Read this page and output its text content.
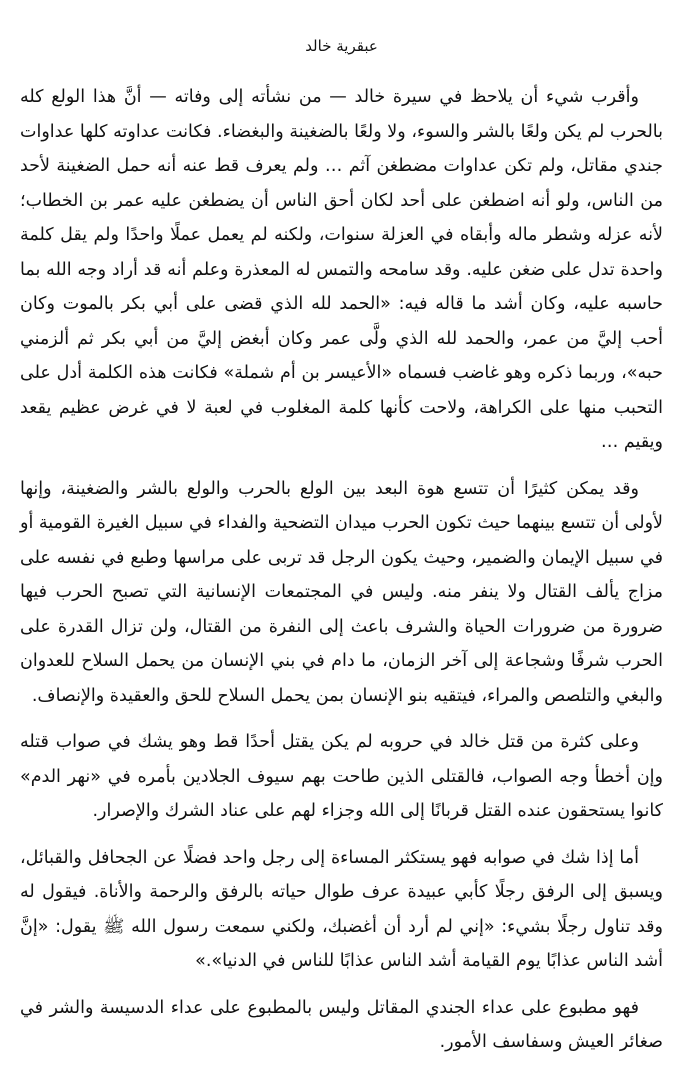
عبقرية خالد

وأقرب شيء أن يلاحظ في سيرة خالد — من نشأته إلى وفاته — أنَّ هذا الولع كله بالحرب لم يكن ولعًا بالشر والسوء، ولا ولعًا بالضغينة والبغضاء. فكانت عداوته كلها عداوات جندي مقاتل، ولم تكن عداوات مضطغن آثم … ولم يعرف قط عنه أنه حمل الضغينة لأحد من الناس، ولو أنه اضطغن على أحد لكان أحق الناس أن يضطغن عليه عمر بن الخطاب؛ لأنه عزله وشطر ماله وأبقاه في العزلة سنوات، ولكنه لم يعمل عملًا واحدًا ولم يقل كلمة واحدة تدل على ضغن عليه. وقد سامحه والتمس له المعذرة وعلم أنه قد أراد وجه الله بما حاسبه عليه، وكان أشد ما قاله فيه: «الحمد لله الذي قضى على أبي بكر بالموت وكان أحب إليَّ من عمر، والحمد لله الذي ولَّى عمر وكان أبغض إليَّ من أبي بكر ثم ألزمني حبه»، وربما ذكره وهو غاضب فسماه «الأعيسر بن أم شملة» فكانت هذه الكلمة أدل على التحبب منها على الكراهة، ولاحت كأنها كلمة المغلوب في لعبة لا في غرض عظيم يقعد ويقيم …

وقد يمكن كثيرًا أن تتسع هوة البعد بين الولع بالحرب والولع بالشر والضغينة، وإنها لأولى أن تتسع بينهما حيث تكون الحرب ميدان التضحية والفداء في سبيل الغيرة القومية أو في سبيل الإيمان والضمير، وحيث يكون الرجل قد تربى على مراسها وطبع في نفسه على مزاج يألف القتال ولا ينفر منه. وليس في المجتمعات الإنسانية التي تصبح الحرب فيها ضرورة من ضرورات الحياة والشرف باعث إلى النفرة من القتال، ولن تزال القدرة على الحرب شرفًا وشجاعة إلى آخر الزمان، ما دام في بني الإنسان من يحمل السلاح للعدوان والبغي والتلصص والمراء، فيتقيه بنو الإنسان بمن يحمل السلاح للحق والعقيدة والإنصاف.

وعلى كثرة من قتل خالد في حروبه لم يكن يقتل أحدًا قط وهو يشك في صواب قتله وإن أخطأ وجه الصواب، فالقتلى الذين طاحت بهم سيوف الجلادين بأمره في «نهر الدم» كانوا يستحقون عنده القتل قربانًا إلى الله وجزاء لهم على عناد الشرك والإصرار.

أما إذا شك في صوابه فهو يستكثر المساءة إلى رجل واحد فضلًا عن الجحافل والقبائل، ويسبق إلى الرفق رجلًا كأبي عبيدة عرف طوال حياته بالرفق والرحمة والأناة. فيقول له وقد تناول رجلًا بشيء: «إني لم أرد أن أغضبك، ولكني سمعت رسول الله ﷺ يقول: «إنَّ أشد الناس عذابًا يوم القيامة أشد الناس عذابًا للناس في الدنيا».»

فهو مطبوع على عداء الجندي المقاتل وليس بالمطبوع على عداء الدسيسة والشر في صغائر العيش وسفاسف الأمور.
